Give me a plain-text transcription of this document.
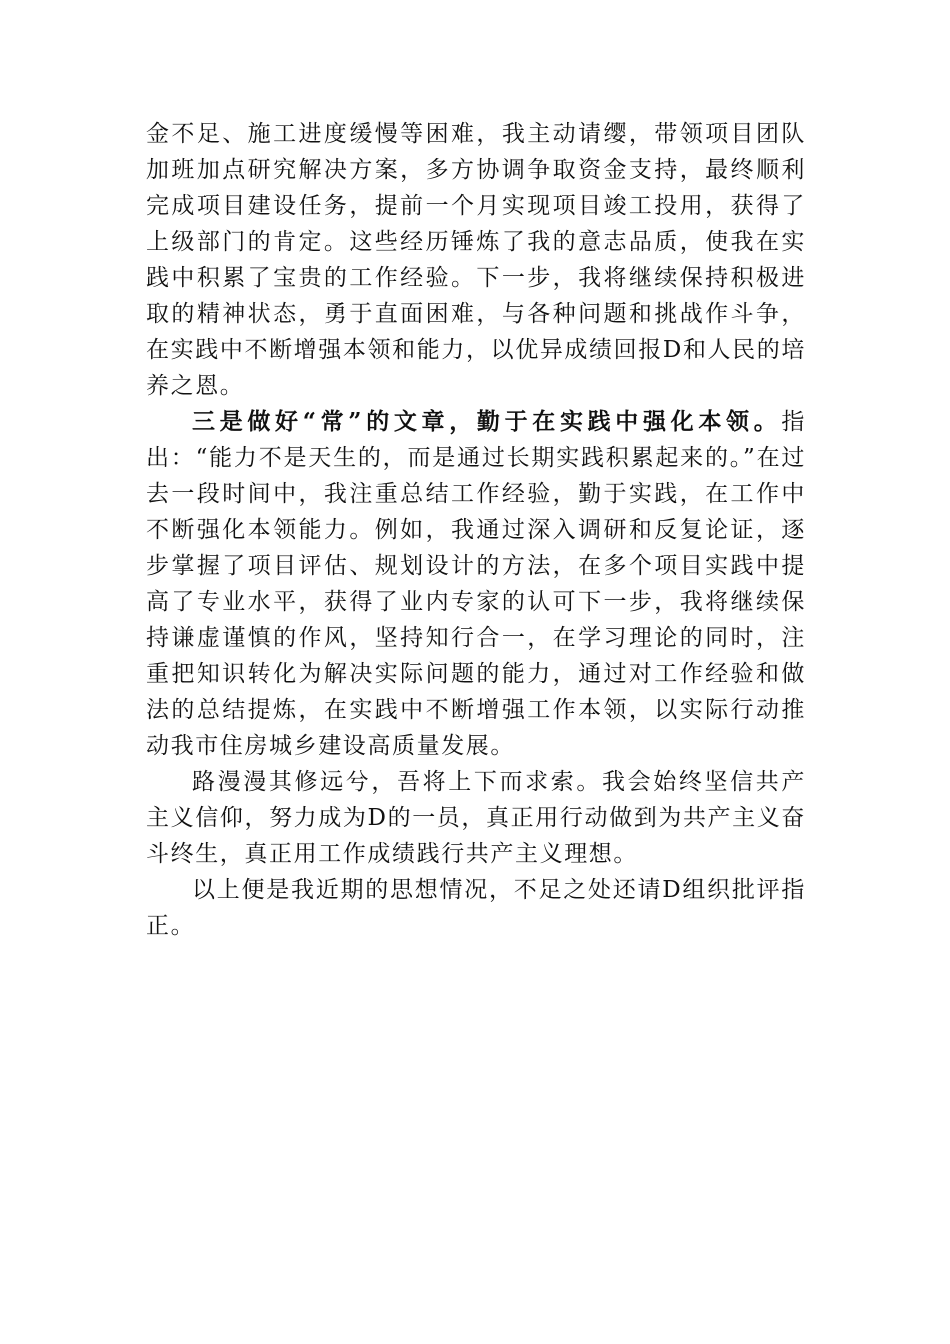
金不足、施工进度缓慢等困难，我主动请缨，带领项目团队加班加点研究解决方案，多方协调争取资金支持，最终顺利完成项目建设任务，提前一个月实现项目竣工投用，获得了上级部门的肯定。这些经历锤炼了我的意志品质，使我在实践中积累了宝贵的工作经验。下一步，我将继续保持积极进取的精神状态，勇于直面困难，与各种问题和挑战作斗争，在实践中不断增强本领和能力，以优异成绩回报D和人民的培养之恩。

三是做好“常”的文章，勤于在实践中强化本领。指出：“能力不是天生的，而是通过长期实践积累起来的。”在过去一段时间中，我注重总结工作经验，勤于实践，在工作中不断强化本领能力。例如，我通过深入调研和反复论证，逐步掌握了项目评估、规划设计的方法，在多个项目实践中提高了专业水平，获得了业内专家的认可下一步，我将继续保持谦虚谨慎的作风，坚持知行合一，在学习理论的同时，注重把知识转化为解决实际问题的能力，通过对工作经验和做法的总结提炼，在实践中不断增强工作本领，以实际行动推动我市住房城乡建设高质量发展。

路漫漫其修远兮，吾将上下而求索。我会始终坚信共产主义信仰，努力成为D的一员，真正用行动做到为共产主义奋斗终生，真正用工作成绩践行共产主义理想。

以上便是我近期的思想情况，不足之处还请D组织批评指正。
